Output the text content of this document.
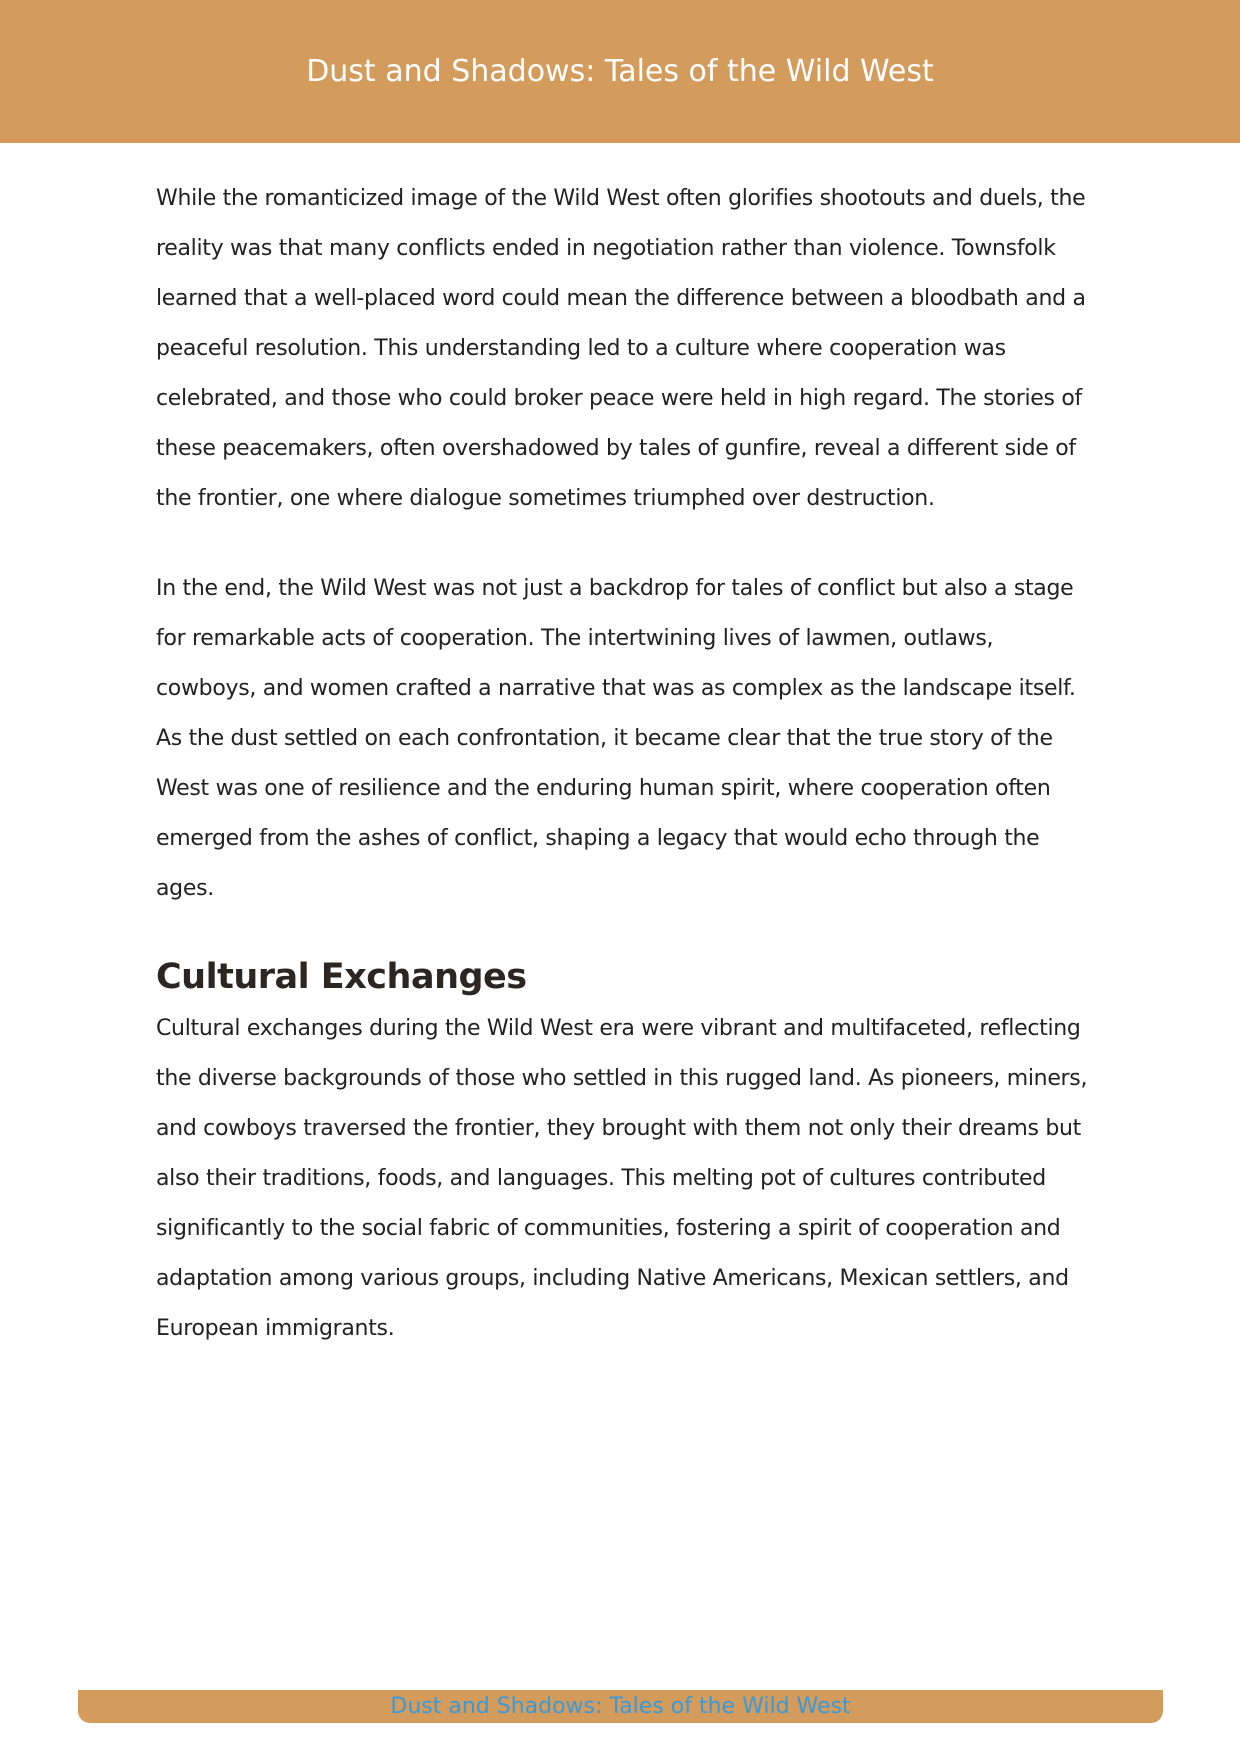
Dust and Shadows: Tales of the Wild West

While the romanticized image of the Wild West often glorifies shootouts and duels, the reality was that many conflicts ended in negotiation rather than violence. Townsfolk learned that a well-placed word could mean the difference between a bloodbath and a peaceful resolution. This understanding led to a culture where cooperation was celebrated, and those who could broker peace were held in high regard. The stories of these peacemakers, often overshadowed by tales of gunfire, reveal a different side of the frontier, one where dialogue sometimes triumphed over destruction.

In the end, the Wild West was not just a backdrop for tales of conflict but also a stage for remarkable acts of cooperation. The intertwining lives of lawmen, outlaws, cowboys, and women crafted a narrative that was as complex as the landscape itself. As the dust settled on each confrontation, it became clear that the true story of the West was one of resilience and the enduring human spirit, where cooperation often emerged from the ashes of conflict, shaping a legacy that would echo through the ages.

Cultural Exchanges

Cultural exchanges during the Wild West era were vibrant and multifaceted, reflecting the diverse backgrounds of those who settled in this rugged land. As pioneers, miners, and cowboys traversed the frontier, they brought with them not only their dreams but also their traditions, foods, and languages. This melting pot of cultures contributed significantly to the social fabric of communities, fostering a spirit of cooperation and adaptation among various groups, including Native Americans, Mexican settlers, and European immigrants.

Dust and Shadows: Tales of the Wild West
